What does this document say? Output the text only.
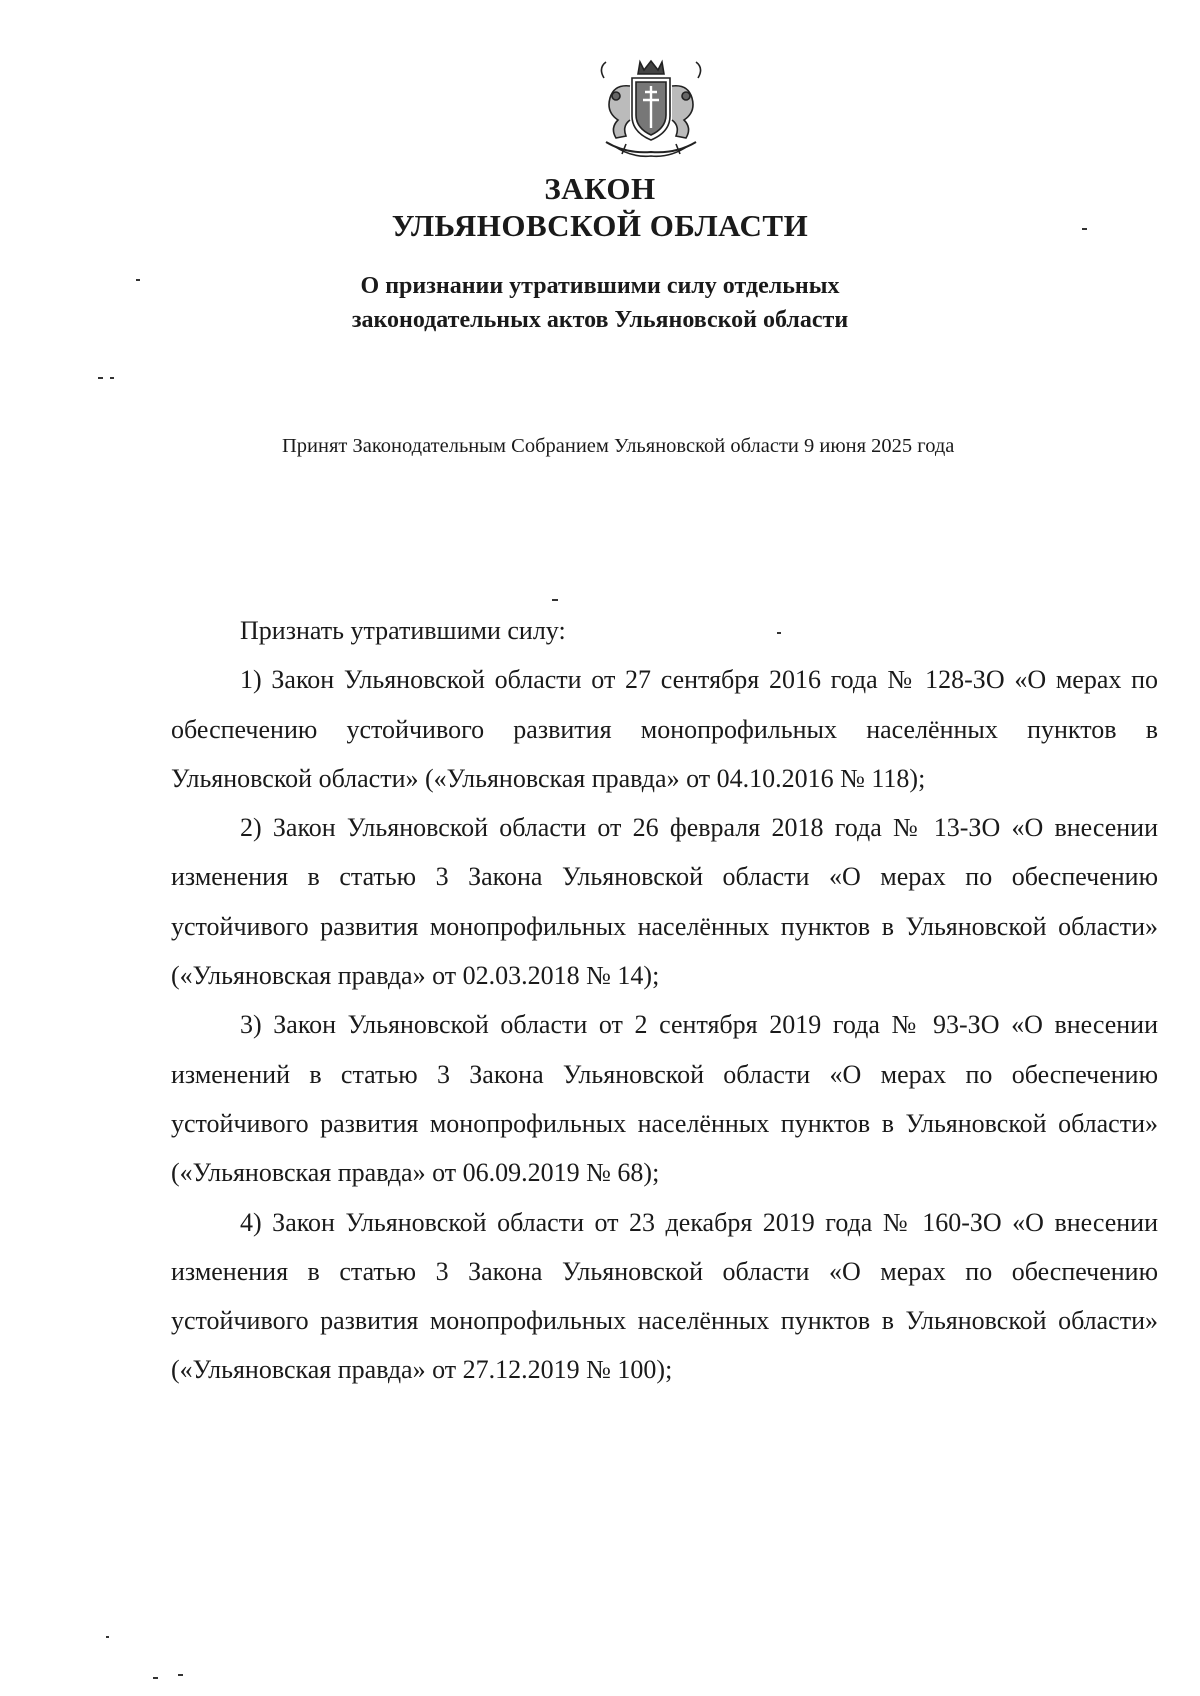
ЗАКОН
УЛЬЯНОВСКОЙ ОБЛАСТИ
О признании утратившими силу отдельных
законодательных актов Ульяновской области
Принят Законодательным Собранием Ульяновской области 9 июня 2025 года

Признать утратившими силу:

1) Закон Ульяновской области от 27 сентября 2016 года № 128-ЗО «О мерах по обеспечению устойчивого развития монопрофильных населённых пунктов в Ульяновской области» («Ульяновская правда» от 04.10.2016 № 118);

2) Закон Ульяновской области от 26 февраля 2018 года № 13-ЗО «О внесении изменения в статью 3 Закона Ульяновской области «О мерах по обеспечению устойчивого развития монопрофильных населённых пунктов в Ульяновской области» («Ульяновская правда» от 02.03.2018 № 14);

3) Закон Ульяновской области от 2 сентября 2019 года № 93-ЗО «О внесении изменений в статью 3 Закона Ульяновской области «О мерах по обеспечению устойчивого развития монопрофильных населённых пунктов в Ульяновской области» («Ульяновская правда» от 06.09.2019 № 68);

4) Закон Ульяновской области от 23 декабря 2019 года № 160-ЗО «О внесении изменения в статью 3 Закона Ульяновской области «О мерах по обеспечению устойчивого развития монопрофильных населённых пунктов в Ульяновской области» («Ульяновская правда» от 27.12.2019 № 100);
